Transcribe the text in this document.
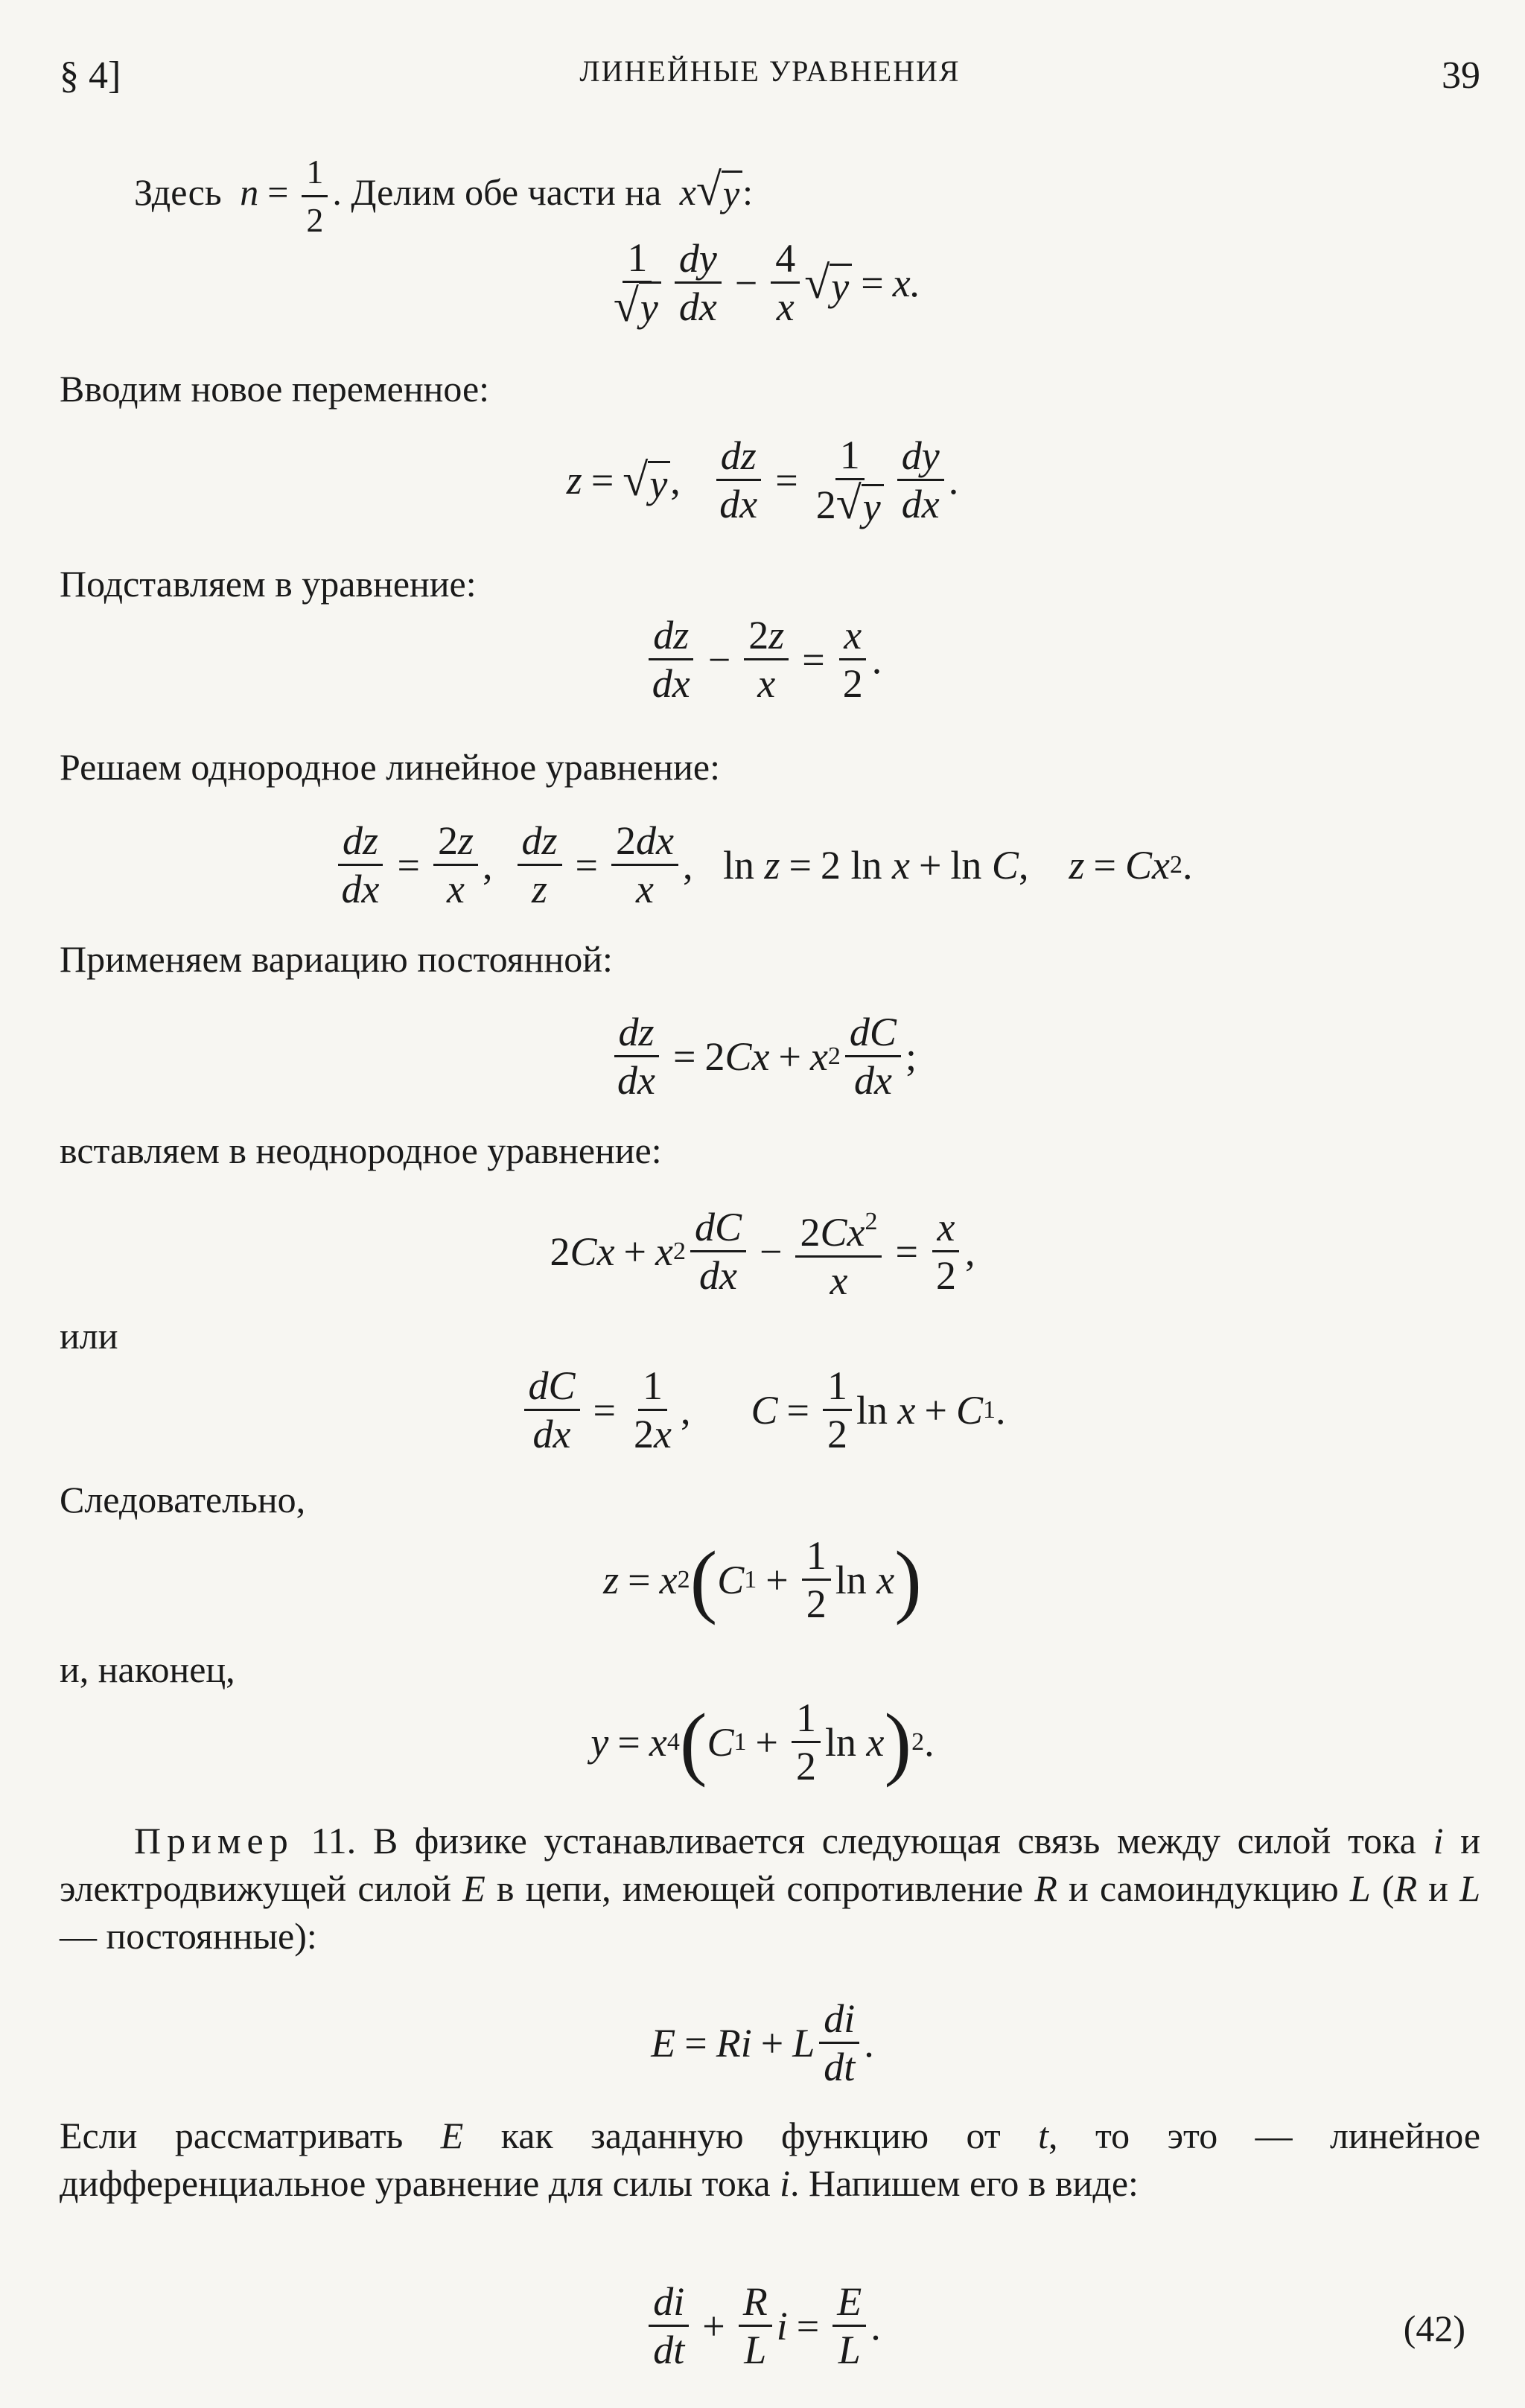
§ 4]	ЛИНЕЙНЫЕ УРАВНЕНИЯ	39
Здесь $n = \frac{1}{2}$ . Делим обе части на x √ y :
$\frac{1}{√y} \frac{dy}{dx} - \frac{4}{x}$ √ y = x.
Вводим новое переменное:
z = √ y , $\frac{dz}{dx} = \frac{1}{2 √ y} \frac{dy}{dx}$ .
Подставляем в уравнение:
$\frac{dz}{dx} - \frac{2z}{x} = \frac{x}{2}$ .
Решаем однородное линейное уравнение:
$\frac{dz}{dx} = \frac{2z}{x}$ , $\frac{dz}{z} = \frac{2dx}{x}$ , ln
z = 2 ln
x + ln
C , z = Cx 2 .
Применяем вариацию постоянной:
$\frac{dz}{dx} = 2$ Cx + x $2 \frac{dC}{dx}$ ;
вставляем в неоднородное уравнение:
2 Cx + x $2 \frac{dC}{dx} - \frac{2Cx^2}{x} = \frac{x}{2}$ ,
или
$\frac{dC}{dx} = \frac{1}{2x}$ , $C = \frac{1}{2}$ ln
x + C 1 .
Следовательно,
z = x 2 ( C $1 + \frac{1}{2}$ ln
x )
и, наконец,
y = x 4 ( C $1 + \frac{1}{2}$ ln
x ) 2 .
Пример 11. В физике устанавливается следующая связь между силой тока i и электродвижущей силой E в цепи, имеющей сопротивление R и самоиндукцию L (R и L— постоянные):
E = Ri + L $\frac{di}{dt}$ .
Если рассматривать E как заданную функцию от t, то это — линейное дифференциальное уравнение для силы тока i. Напишем его в виде:
$\frac{di}{dt} + \frac{R}{L}$ $i = \frac{E}{L}$ .	(42)
